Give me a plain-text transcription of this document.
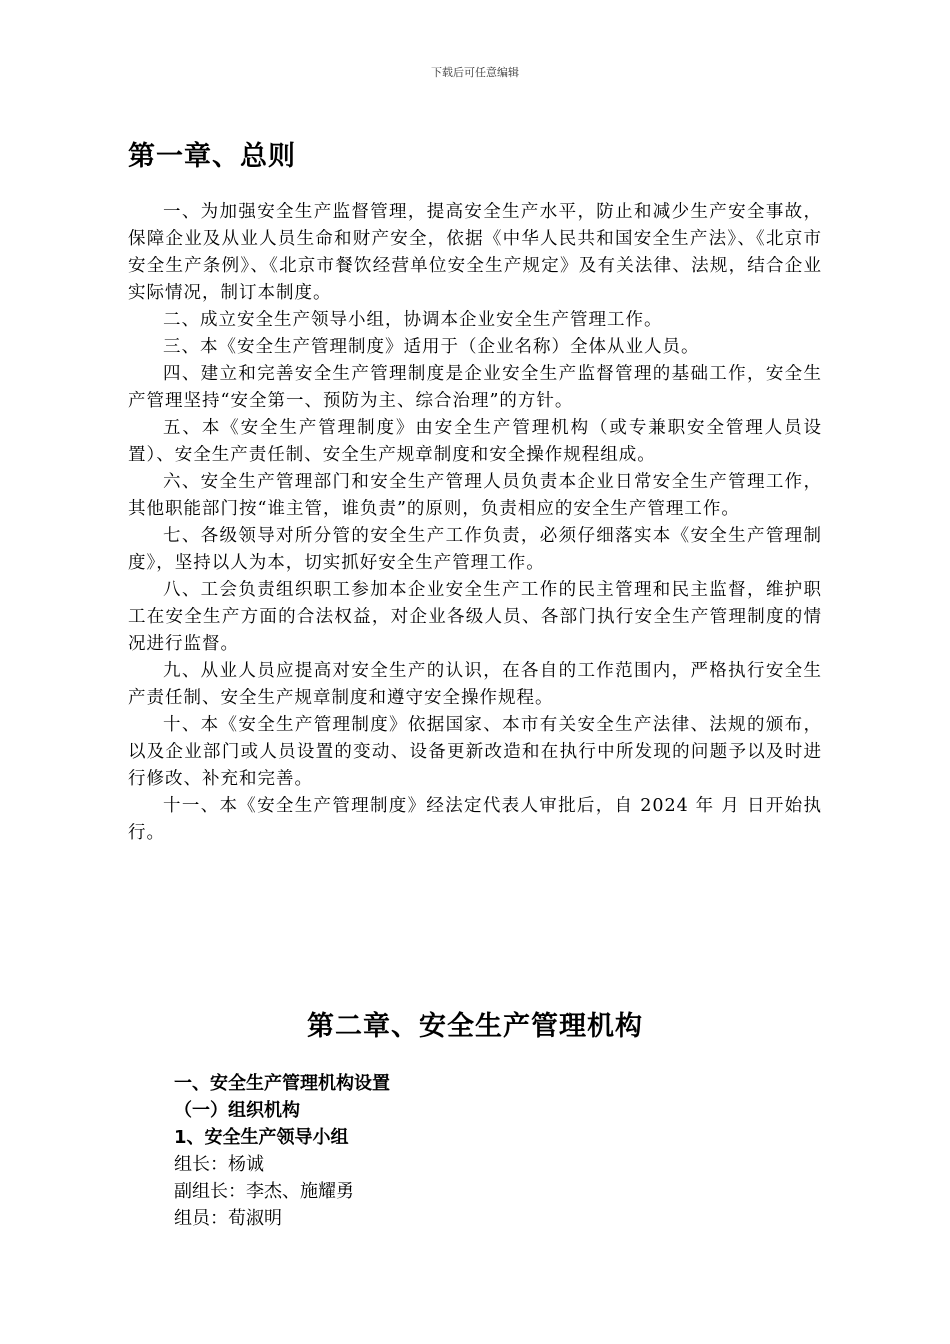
下载后可任意编辑
第一章、总则

一、为加强安全生产监督管理，提高安全生产水平，防止和减少生产安全事故，保障企业及从业人员生命和财产安全，依据《中华人民共和国安全生产法》、《北京市安全生产条例》、《北京市餐饮经营单位安全生产规定》及有关法律、法规，结合企业实际情况，制订本制度。

二、成立安全生产领导小组，协调本企业安全生产管理工作。

三、本《安全生产管理制度》适用于（企业名称）全体从业人员。

四、建立和完善安全生产管理制度是企业安全生产监督管理的基础工作，安全生产管理坚持“安全第一、预防为主、综合治理”的方针。

五、本《安全生产管理制度》由安全生产管理机构（或专兼职安全管理人员设置）、安全生产责任制、安全生产规章制度和安全操作规程组成。

六、安全生产管理部门和安全生产管理人员负责本企业日常安全生产管理工作，其他职能部门按“谁主管，谁负责”的原则，负责相应的安全生产管理工作。

七、各级领导对所分管的安全生产工作负责，必须仔细落实本《安全生产管理制度》，坚持以人为本，切实抓好安全生产管理工作。

八、工会负责组织职工参加本企业安全生产工作的民主管理和民主监督，维护职工在安全生产方面的合法权益，对企业各级人员、各部门执行安全生产管理制度的情况进行监督。

九、从业人员应提高对安全生产的认识，在各自的工作范围内，严格执行安全生产责任制、安全生产规章制度和遵守安全操作规程。

十、本《安全生产管理制度》依据国家、本市有关安全生产法律、法规的颁布，以及企业部门或人员设置的变动、设备更新改造和在执行中所发现的问题予以及时进行修改、补充和完善。

十一、本《安全生产管理制度》经法定代表人审批后，自 2024 年 月 日开始执行。

第二章、安全生产管理机构
一、安全生产管理机构设置
（一）组织机构
1、安全生产领导小组
组长：杨诚
副组长：李杰、施耀勇
组员：荀淑明
